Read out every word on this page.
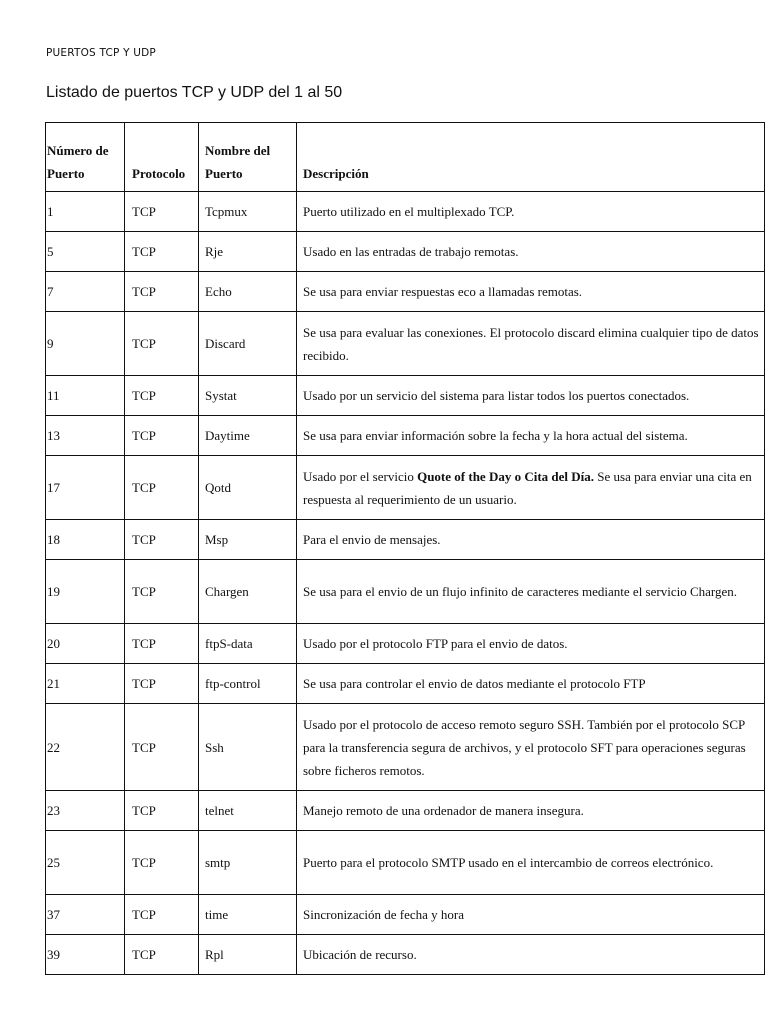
PUERTOS TCP Y UDP
Listado de puertos TCP y UDP del 1 al 50
Número de Puerto	Protocolo	Nombre del Puerto	Descripción
1	TCP	Tcpmux	Puerto utilizado en el multiplexado TCP.
5	TCP	Rje	Usado en las entradas de trabajo remotas.
7	TCP	Echo	Se usa para enviar respuestas eco a llamadas remotas.
9	TCP	Discard	Se usa para evaluar las conexiones. El protocolo discard elimina cualquier tipo de datos recibido.
11	TCP	Systat	Usado por un servicio del sistema para listar todos los puertos conectados.
13	TCP	Daytime	Se usa para enviar información sobre la fecha y la hora actual del sistema.
17	TCP	Qotd	Usado por el servicio Quote of the Day o Cita del Día. Se usa para enviar una cita en respuesta al requerimiento de un usuario.
18	TCP	Msp	Para el envio de mensajes.
19	TCP	Chargen	Se usa para el envio de un flujo infinito de caracteres mediante el servicio Chargen.
20	TCP	ftpS-data	Usado por el protocolo FTP para el envio de datos.
21	TCP	ftp-control	Se usa para controlar el envio de datos mediante el protocolo FTP
22	TCP	Ssh	Usado por el protocolo de acceso remoto seguro SSH. También por el protocolo SCP para la transferencia segura de archivos, y el protocolo SFT para operaciones seguras sobre ficheros remotos.
23	TCP	telnet	Manejo remoto de una ordenador de manera insegura.
25	TCP	smtp	Puerto para el protocolo SMTP usado en el intercambio de correos electrónico.
37	TCP	time	Sincronización de fecha y hora
39	TCP	Rpl	Ubicación de recurso.
